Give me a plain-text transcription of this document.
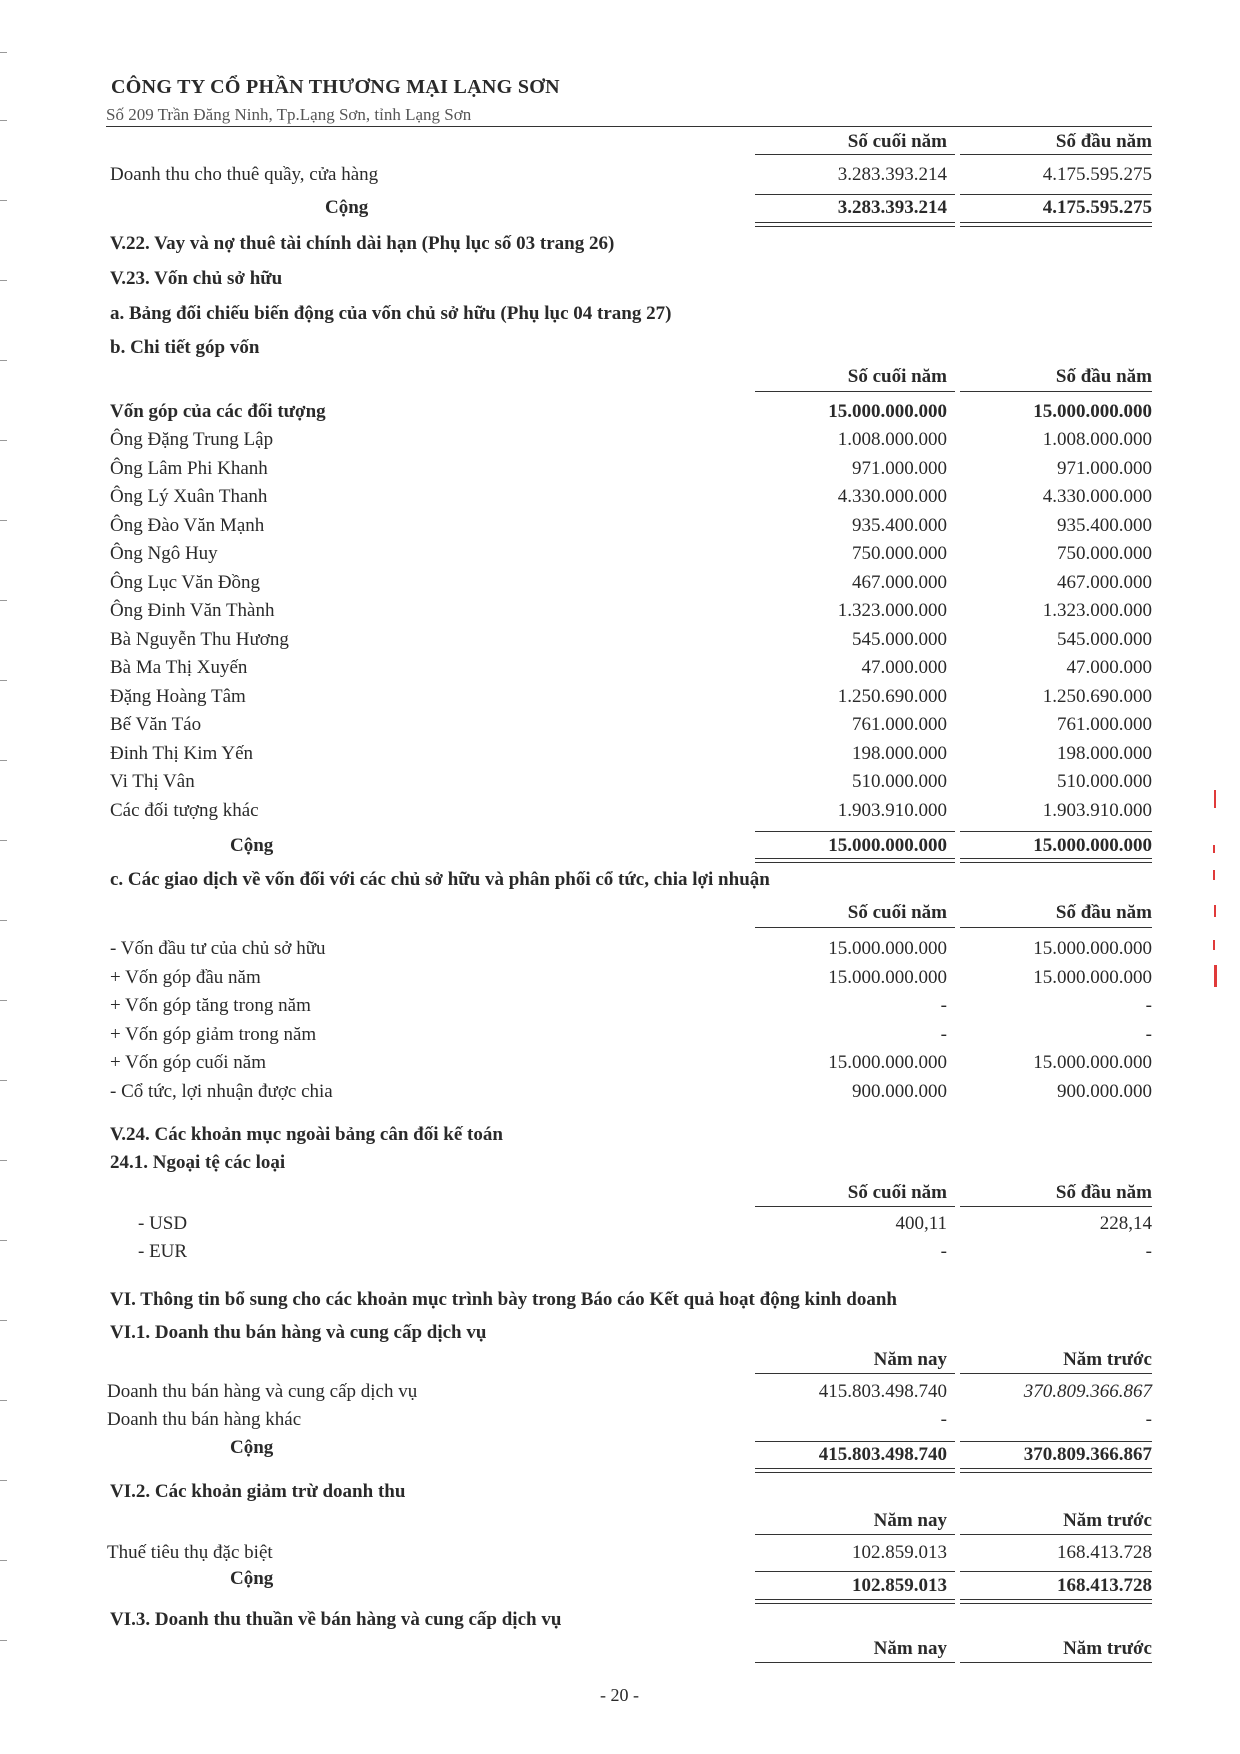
CÔNG TY CỔ PHẦN THƯƠNG MẠI LẠNG SƠN
Số 209 Trần Đăng Ninh, Tp.Lạng Sơn, tỉnh Lạng Sơn
Số cuối năm	Số đầu năm
Doanh thu cho thuê quầy, cửa hàng	3.283.393.214	4.175.595.275
Cộng	3.283.393.214	4.175.595.275
V.22. Vay và nợ thuê tài chính dài hạn (Phụ lục số 03 trang 26)
V.23. Vốn chủ sở hữu
a. Bảng đối chiếu biến động của vốn chủ sở hữu (Phụ lục 04 trang 27)
b. Chi tiết góp vốn
Số cuối năm	Số đầu năm
Vốn góp của các đối tượng	15.000.000.000	15.000.000.000
Ông Đặng Trung Lập	1.008.000.000	1.008.000.000
Ông Lâm Phi Khanh	971.000.000	971.000.000
Ông Lý Xuân Thanh	4.330.000.000	4.330.000.000
Ông Đào Văn Mạnh	935.400.000	935.400.000
Ông Ngô Huy	750.000.000	750.000.000
Ông Lục Văn Đồng	467.000.000	467.000.000
Ông Đinh Văn Thành	1.323.000.000	1.323.000.000
Bà Nguyễn Thu Hương	545.000.000	545.000.000
Bà Ma Thị Xuyến	47.000.000	47.000.000
Đặng Hoàng Tâm	1.250.690.000	1.250.690.000
Bế Văn Táo	761.000.000	761.000.000
Đinh Thị Kim Yến	198.000.000	198.000.000
Vi Thị Vân	510.000.000	510.000.000
Các đối tượng khác	1.903.910.000	1.903.910.000
Cộng	15.000.000.000	15.000.000.000
c. Các giao dịch về vốn đối với các chủ sở hữu và phân phối cổ tức, chia lợi nhuận
Số cuối năm	Số đầu năm
- Vốn đầu tư của chủ sở hữu	15.000.000.000	15.000.000.000
+ Vốn góp đầu năm	15.000.000.000	15.000.000.000
+ Vốn góp tăng trong năm	-	-
+ Vốn góp giảm trong năm	-	-
+ Vốn góp cuối năm	15.000.000.000	15.000.000.000
- Cổ tức, lợi nhuận được chia	900.000.000	900.000.000
V.24. Các khoản mục ngoài bảng cân đối kế toán
24.1. Ngoại tệ các loại
Số cuối năm	Số đầu năm
- USD	400,11	228,14
- EUR	-	-
VI. Thông tin bổ sung cho các khoản mục trình bày trong Báo cáo Kết quả hoạt động kinh doanh
VI.1. Doanh thu bán hàng và cung cấp dịch vụ
Năm nay	Năm trước
Doanh thu bán hàng và cung cấp dịch vụ	415.803.498.740	370.809.366.867
Doanh thu bán hàng khác	-	-
Cộng	415.803.498.740	370.809.366.867
VI.2. Các khoản giảm trừ doanh thu
Năm nay	Năm trước
Thuế tiêu thụ đặc biệt	102.859.013	168.413.728
Cộng	102.859.013	168.413.728
VI.3. Doanh thu thuần về bán hàng và cung cấp dịch vụ
Năm nay	Năm trước
- 20 -
